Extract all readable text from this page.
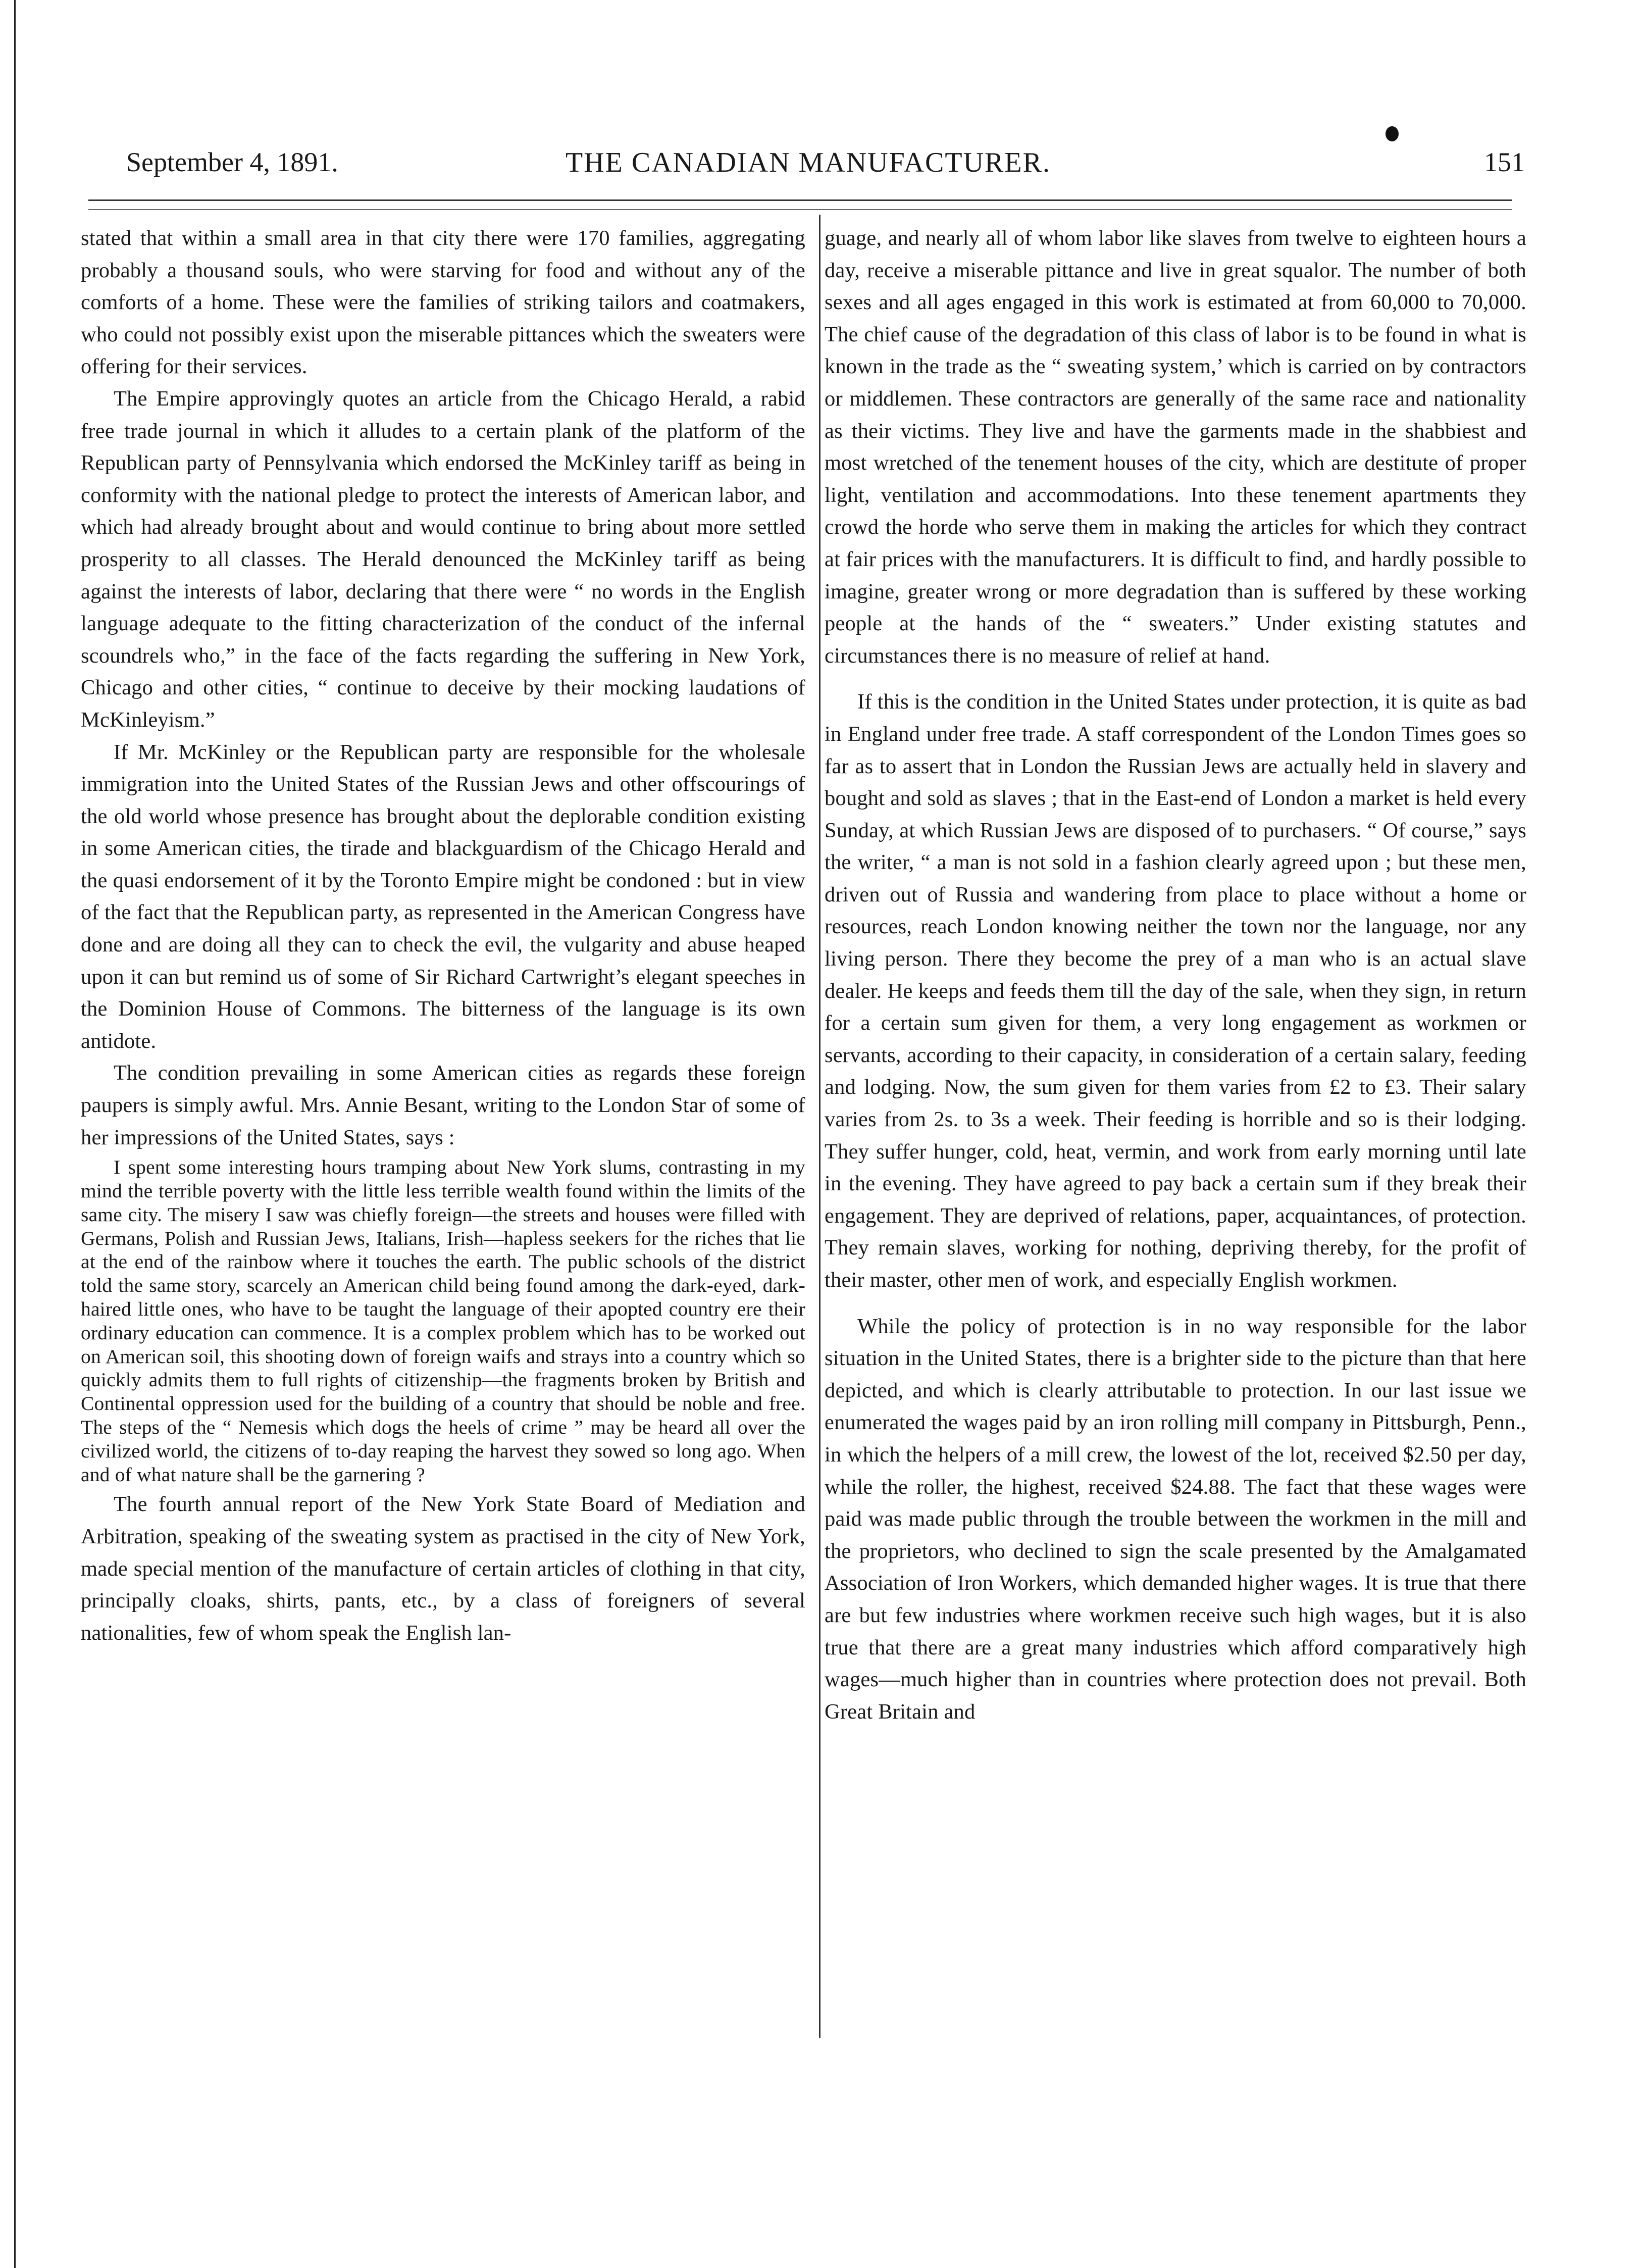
September 4, 1891.	THE CANADIAN MANUFACTURER.	151

stated that within a small area in that city there were 170 families, aggregating probably a thousand souls, who were starving for food and without any of the comforts of a home. These were the families of striking tailors and coatmakers, who could not possibly exist upon the miserable pittances which the sweaters were offering for their services.

The Empire approvingly quotes an article from the Chicago Herald, a rabid free trade journal in which it alludes to a certain plank of the platform of the Republican party of Pennsylvania which endorsed the McKinley tariff as being in conformity with the national pledge to protect the interests of American labor, and which had already brought about and would continue to bring about more settled prosperity to all classes. The Herald denounced the McKinley tariff as being against the interests of labor, declaring that there were “ no words in the English language adequate to the fitting characterization of the conduct of the infernal scoundrels who,” in the face of the facts regarding the suffering in New York, Chicago and other cities, “ continue to deceive by their mocking laudations of McKinleyism.”

If Mr. McKinley or the Republican party are responsible for the wholesale immigration into the United States of the Russian Jews and other offscourings of the old world whose presence has brought about the deplorable condition existing in some American cities, the tirade and blackguardism of the Chicago Herald and the quasi endorsement of it by the Toronto Empire might be condoned : but in view of the fact that the Republican party, as represented in the American Congress have done and are doing all they can to check the evil, the vulgarity and abuse heaped upon it can but remind us of some of Sir Richard Cartwright’s elegant speeches in the Dominion House of Commons. The bitterness of the language is its own antidote.

The condition prevailing in some American cities as regards these foreign paupers is simply awful. Mrs. Annie Besant, writing to the London Star of some of her impressions of the United States, says :

I spent some interesting hours tramping about New York slums, contrasting in my mind the terrible poverty with the little less terrible wealth found within the limits of the same city. The misery I saw was chiefly foreign—the streets and houses were filled with Germans, Polish and Russian Jews, Italians, Irish—hapless seekers for the riches that lie at the end of the rainbow where it touches the earth. The public schools of the district told the same story, scarcely an American child being found among the dark-eyed, dark-haired little ones, who have to be taught the language of their apopted country ere their ordinary education can commence. It is a complex problem which has to be worked out on American soil, this shooting down of foreign waifs and strays into a country which so quickly admits them to full rights of citizenship—the fragments broken by British and Continental oppression used for the building of a country that should be noble and free. The steps of the “ Nemesis which dogs the heels of crime ” may be heard all over the civilized world, the citizens of to-day reaping the harvest they sowed so long ago. When and of what nature shall be the garnering ?

The fourth annual report of the New York State Board of Mediation and Arbitration, speaking of the sweating system as practised in the city of New York, made special mention of the manufacture of certain articles of clothing in that city, principally cloaks, shirts, pants, etc., by a class of foreigners of several nationalities, few of whom speak the English lan-

guage, and nearly all of whom labor like slaves from twelve to eighteen hours a day, receive a miserable pittance and live in great squalor. The number of both sexes and all ages engaged in this work is estimated at from 60,000 to 70,000. The chief cause of the degradation of this class of labor is to be found in what is known in the trade as the “ sweating system,’ which is carried on by contractors or middlemen. These contractors are generally of the same race and nationality as their victims. They live and have the garments made in the shabbiest and most wretched of the tenement houses of the city, which are destitute of proper light, ventilation and accommodations. Into these tenement apartments they crowd the horde who serve them in making the articles for which they contract at fair prices with the manufacturers. It is difficult to find, and hardly possible to imagine, greater wrong or more degradation than is suffered by these working people at the hands of the “ sweaters.” Under existing statutes and circumstances there is no measure of relief at hand.

If this is the condition in the United States under protection, it is quite as bad in England under free trade. A staff correspondent of the London Times goes so far as to assert that in London the Russian Jews are actually held in slavery and bought and sold as slaves ; that in the East-end of London a market is held every Sunday, at which Russian Jews are disposed of to purchasers. “ Of course,” says the writer, “ a man is not sold in a fashion clearly agreed upon ; but these men, driven out of Russia and wandering from place to place without a home or resources, reach London knowing neither the town nor the language, nor any living person. There they become the prey of a man who is an actual slave dealer. He keeps and feeds them till the day of the sale, when they sign, in return for a certain sum given for them, a very long engagement as workmen or servants, according to their capacity, in consideration of a certain salary, feeding and lodging. Now, the sum given for them varies from £2 to £3. Their salary varies from 2s. to 3s a week. Their feeding is horrible and so is their lodging. They suffer hunger, cold, heat, vermin, and work from early morning until late in the evening. They have agreed to pay back a certain sum if they break their engagement. They are deprived of relations, paper, acquaintances, of protection. They remain slaves, working for nothing, depriving thereby, for the profit of their master, other men of work, and especially English workmen.

While the policy of protection is in no way responsible for the labor situation in the United States, there is a brighter side to the picture than that here depicted, and which is clearly attributable to protection. In our last issue we enumerated the wages paid by an iron rolling mill company in Pittsburgh, Penn., in which the helpers of a mill crew, the lowest of the lot, received $2.50 per day, while the roller, the highest, received $24.88. The fact that these wages were paid was made public through the trouble between the workmen in the mill and the proprietors, who declined to sign the scale presented by the Amalgamated Association of Iron Workers, which demanded higher wages. It is true that there are but few industries where workmen receive such high wages, but it is also true that there are a great many industries which afford comparatively high wages—much higher than in countries where protection does not prevail. Both Great Britain and
